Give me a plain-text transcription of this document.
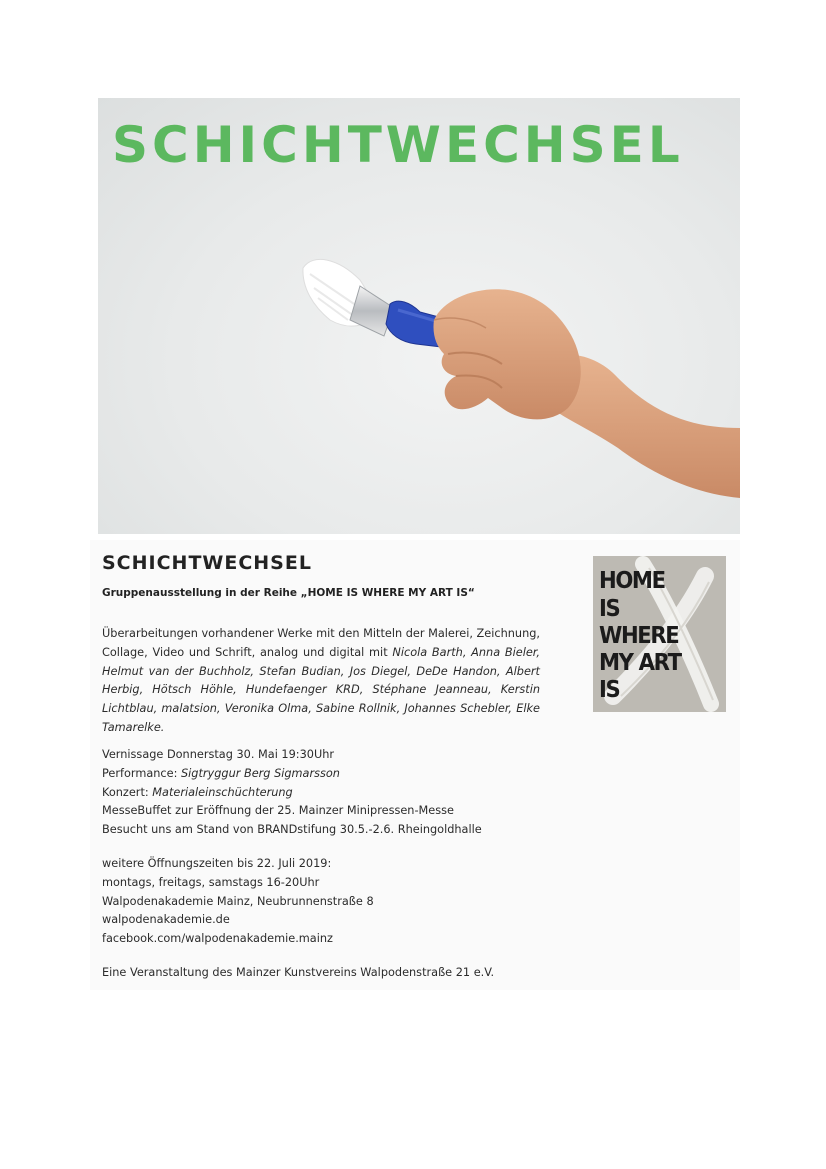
SCHICHTWECHSEL
SCHICHTWECHSEL
Gruppenausstellung in der Reihe „HOME IS WHERE MY ART IS“

Überarbeitungen vorhandener Werke mit den Mitteln der Malerei, Zeichnung, Collage, Video und Schrift, analog und digital mit Nicola Barth, Anna Bieler, Helmut van der Buchholz, Stefan Budian, Jos Diegel, DeDe Handon, Albert Herbig, Hötsch Höhle, Hundefaenger KRD, Stéphane Jeanneau, Kerstin Lichtblau, malatsion, Veronika Olma, Sabine Rollnik, Johannes Schebler, Elke Tamarelke.

Vernissage Donnerstag 30. Mai 19:30Uhr
Performance: Sigtryggur Berg Sigmarsson
Konzert: Materialeinschüchterung
MesseBuffet zur Eröffnung der 25. Mainzer Minipressen-Messe
Besucht uns am Stand von BRANDstifung 30.5.-2.6. Rheingoldhalle
weitere Öffnungszeiten bis 22. Juli 2019:
montags, freitags, samstags 16-20Uhr
Walpodenakademie Mainz, Neubrunnenstraße 8
walpodenakademie.de
facebook.com/walpodenakademie.mainz
Eine Veranstaltung des Mainzer Kunstvereins Walpodenstraße 21 e.V.
HOME
IS
WHERE
MY ART
IS
